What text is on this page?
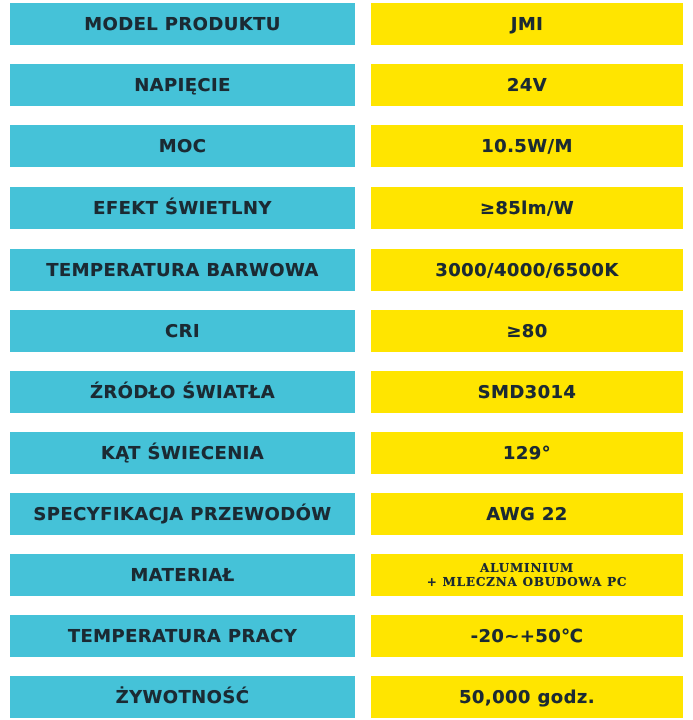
MODEL PRODUKTU	JMI
NAPIĘCIE	24V
MOC	10.5W/M
EFEKT ŚWIETLNY	≥85lm/W
TEMPERATURA BARWOWA	3000/4000/6500K
CRI	≥80
ŹRÓDŁO ŚWIATŁA	SMD3014
KĄT ŚWIECENIA	129°
SPECYFIKACJA PRZEWODÓW	AWG 22
MATERIAŁ	ALUMINIUM
+ MLECZNA OBUDOWA PC
TEMPERATURA PRACY	-20~+50℃
ŻYWOTNOŚĆ	50,000 godz.
